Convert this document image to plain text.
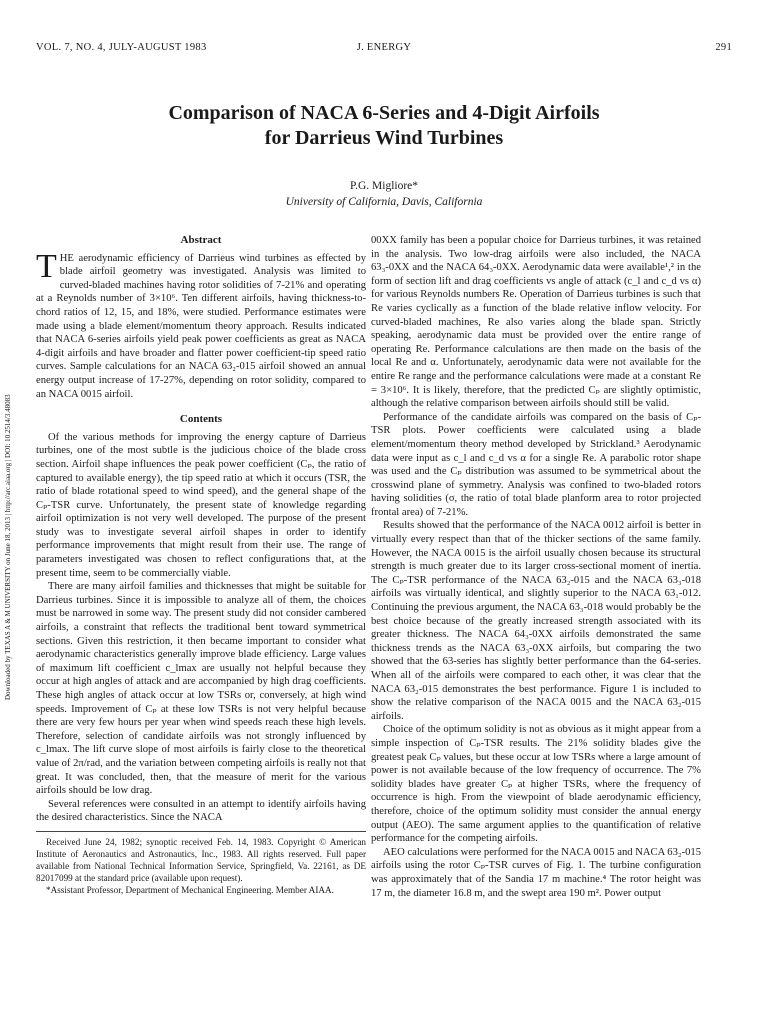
VOL. 7, NO. 4, JULY-AUGUST 1983	J. ENERGY	291
Comparison of NACA 6-Series and 4-Digit Airfoils
for Darrieus Wind Turbines
P.G. Migliore*
University of California, Davis, California
Downloaded by TEXAS A & M UNIVERSITY on June 18, 2013 | http://arc.aiaa.org | DOI: 10.2514/3.48083
Abstract

THE aerodynamic efficiency of Darrieus wind turbines as effected by blade airfoil geometry was investigated. Analysis was limited to curved-bladed machines having rotor solidities of 7-21% and operating at a Reynolds number of 3×10⁶. Ten different airfoils, having thickness-to-chord ratios of 12, 15, and 18%, were studied. Performance estimates were made using a blade element/momentum theory approach. Results indicated that NACA 6-series airfoils yield peak power coefficients as great as NACA 4-digit airfoils and have broader and flatter power coefficient-tip speed ratio curves. Sample calculations for an NACA 63₂-015 airfoil showed an annual energy output increase of 17-27%, depending on rotor solidity, compared to an NACA 0015 airfoil.

Contents

Of the various methods for improving the energy capture of Darrieus turbines, one of the most subtle is the judicious choice of the blade cross section. Airfoil shape influences the peak power coefficient (Cₚ, the ratio of captured to available energy), the tip speed ratio at which it occurs (TSR, the ratio of blade rotational speed to wind speed), and the general shape of the Cₚ-TSR curve. Unfortunately, the present state of knowledge regarding airfoil optimization is not very well developed. The purpose of the present study was to investigate several airfoil shapes in order to identify performance improvements that might result from their use. The range of parameters investigated was chosen to reflect configurations that, at the present time, seem to be commercially viable.

There are many airfoil families and thicknesses that might be suitable for Darrieus turbines. Since it is impossible to analyze all of them, the choices must be narrowed in some way. The present study did not consider cambered airfoils, a constraint that reflects the traditional bent toward symmetrical sections. Given this restriction, it then became important to consider what aerodynamic characteristics generally improve blade efficiency. Large values of maximum lift coefficient c_lmax are usually not helpful because they occur at high angles of attack and are accompanied by high drag coefficients. These high angles of attack occur at low TSRs or, conversely, at high wind speeds. Improvement of Cₚ at these low TSRs is not very helpful because there are very few hours per year when wind speeds reach these high levels. Therefore, selection of candidate airfoils was not strongly influenced by c_lmax. The lift curve slope of most airfoils is fairly close to the theoretical value of 2π/rad, and the variation between competing airfoils is really not that great. It was concluded, then, that the measure of merit for the various airfoils should be low drag.

Several references were consulted in an attempt to identify airfoils having the desired characteristics. Since the NACA

Received June 24, 1982; synoptic received Feb. 14, 1983. Copyright © American Institute of Aeronautics and Astronautics, Inc., 1983. All rights reserved. Full paper available from National Technical Information Service, Springfield, Va. 22161, as DE 82017099 at the standard price (available upon request).

*Assistant Professor, Department of Mechanical Engineering. Member AIAA.

00XX family has been a popular choice for Darrieus turbines, it was retained in the analysis. Two low-drag airfoils were also included, the NACA 63₃-0XX and the NACA 64₃-0XX. Aerodynamic data were available¹,² in the form of section lift and drag coefficients vs angle of attack (c_l and c_d vs α) for various Reynolds numbers Re. Operation of Darrieus turbines is such that Re varies cyclically as a function of the blade relative inflow velocity. For curved-bladed machines, Re also varies along the blade span. Strictly speaking, aerodynamic data must be provided over the entire range of operating Re. Performance calculations are then made on the basis of the local Re and α. Unfortunately, aerodynamic data were not available for the entire Re range and the performance calculations were made at a constant Re = 3×10⁶. It is likely, therefore, that the predicted Cₚ are slightly optimistic, although the relative comparison between airfoils should still be valid.

Performance of the candidate airfoils was compared on the basis of Cₚ-TSR plots. Power coefficients were calculated using a blade element/momentum theory method developed by Strickland.³ Aerodynamic data were input as c_l and c_d vs α for a single Re. A parabolic rotor shape was used and the Cₚ distribution was assumed to be symmetrical about the crosswind plane of symmetry. Analysis was confined to two-bladed rotors having solidities (σ, the ratio of total blade planform area to rotor projected frontal area) of 7-21%.

Results showed that the performance of the NACA 0012 airfoil is better in virtually every respect than that of the thicker sections of the same family. However, the NACA 0015 is the airfoil usually chosen because its structural strength is much greater due to its larger cross-sectional moment of inertia. The Cₚ-TSR performance of the NACA 63₂-015 and the NACA 63₃-018 airfoils was virtually identical, and slightly superior to the NACA 63₁-012. Continuing the previous argument, the NACA 63₃-018 would probably be the best choice because of the greatly increased strength associated with its greater thickness. The NACA 64₃-0XX airfoils demonstrated the same thickness trends as the NACA 63₃-0XX airfoils, but comparing the two showed that the 63-series has slightly better performance than the 64-series. When all of the airfoils were compared to each other, it was clear that the NACA 63₂-015 demonstrates the best performance. Figure 1 is included to show the relative comparison of the NACA 0015 and the NACA 63₂-015 airfoils.

Choice of the optimum solidity is not as obvious as it might appear from a simple inspection of Cₚ-TSR results. The 21% solidity blades give the greatest peak Cₚ values, but these occur at low TSRs where a large amount of power is not available because of the low frequency of occurrence. The 7% solidity blades have greater Cₚ at higher TSRs, where the frequency of occurrence is high. From the viewpoint of blade aerodynamic efficiency, therefore, choice of the optimum solidity must consider the annual energy output (AEO). The same argument applies to the quantification of relative performance for the competing airfoils.

AEO calculations were performed for the NACA 0015 and NACA 63₂-015 airfoils using the rotor Cₚ-TSR curves of Fig. 1. The turbine configuration was approximately that of the Sandia 17 m machine.⁴ The rotor height was 17 m, the diameter 16.8 m, and the swept area 190 m². Power output
